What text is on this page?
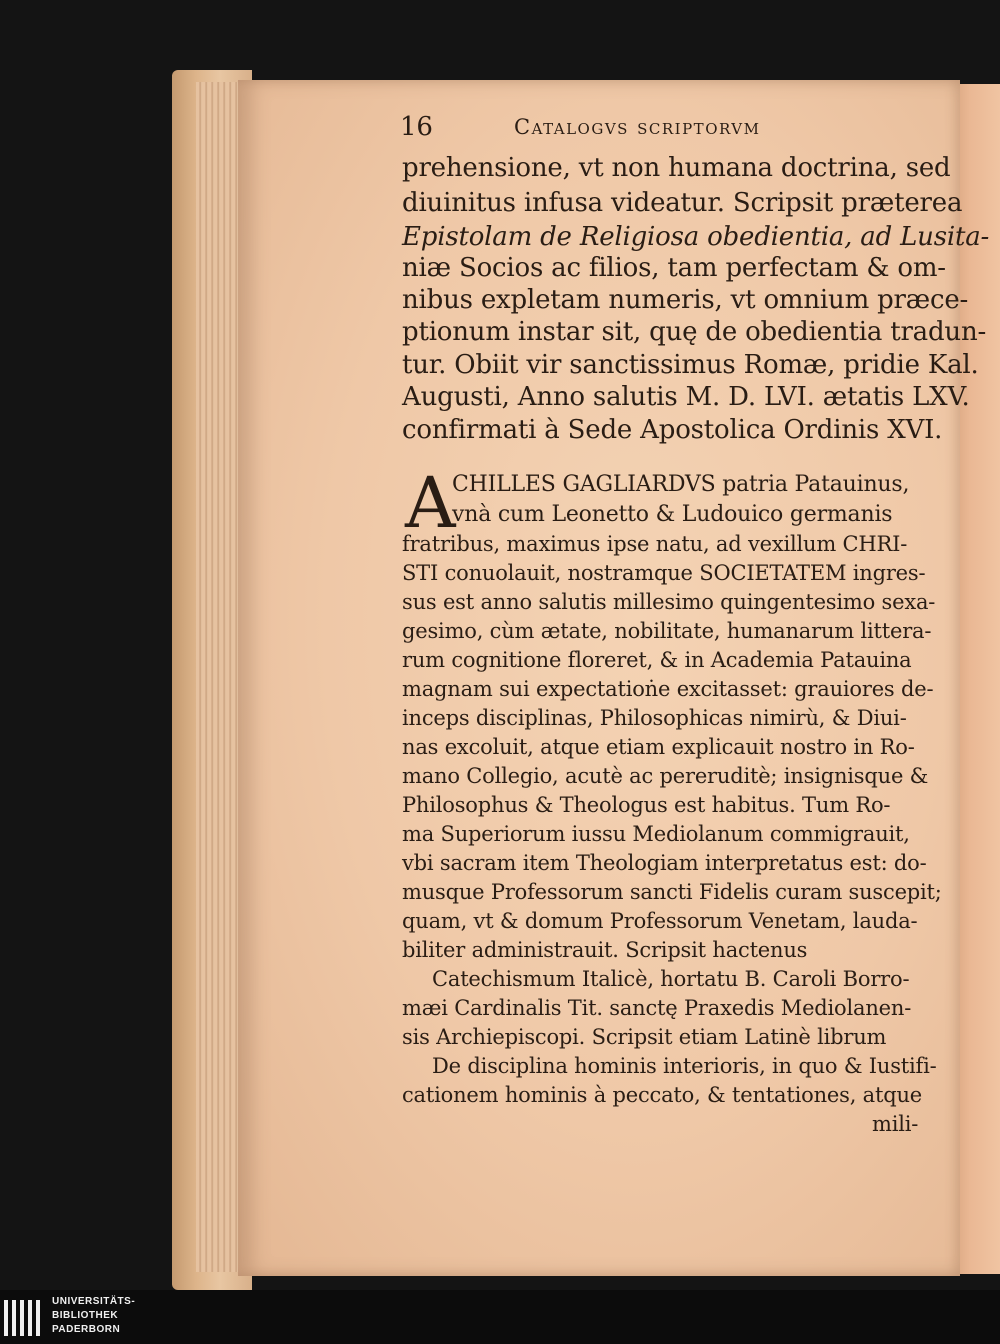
16	Catalogvs scriptorvm
prehensione, vt non humana doctrina, sed
diuinitus infusa videatur. Scripsit præterea
Epistolam de Religiosa obedientia, ad Lusita-
niæ Socios ac filios, tam perfectam & om-
nibus expletam numeris, vt omnium præce-
ptionum instar sit, quę de obedientia tradun-
tur. Obiit vir sanctissimus Romæ, pridie Kal.
Augusti, Anno salutis M. D. LVI. ætatis LXV.
confirmati à Sede Apostolica Ordinis XVI.
A
CHILLES GAGLIARDVS patria Patauinus,
vnà cum Leonetto & Ludouico germanis
fratribus, maximus ipse natu, ad vexillum CHRI-
STI conuolauit, nostramque SOCIETATEM ingres-
sus est anno salutis millesimo quingentesimo sexa-
gesimo, cùm ætate, nobilitate, humanarum littera-
rum cognitione floreret, & in Academia Patauina
magnam sui expectatioṅe excitasset: grauiores de-
inceps disciplinas, Philosophicas nimirù, & Diui-
nas excoluit, atque etiam explicauit nostro in Ro-
mano Collegio, acutè ac pereruditè; insignisque &
Philosophus & Theologus est habitus. Tum Ro-
ma Superiorum iussu Mediolanum commigrauit,
vbi sacram item Theologiam interpretatus est: do-
musque Professorum sancti Fidelis curam suscepit;
quam, vt & domum Professorum Venetam, lauda-
biliter administrauit. Scripsit hactenus
Catechismum Italicè, hortatu B. Caroli Borro-
mæi Cardinalis Tit. sanctę Praxedis Mediolanen-
sis Archiepiscopi. Scripsit etiam Latinè librum
De disciplina hominis interioris, in quo & Iustifi-
cationem hominis à peccato, & tentationes, atque
mili-
UNIVERSITÄTS-
BIBLIOTHEK
PADERBORN
